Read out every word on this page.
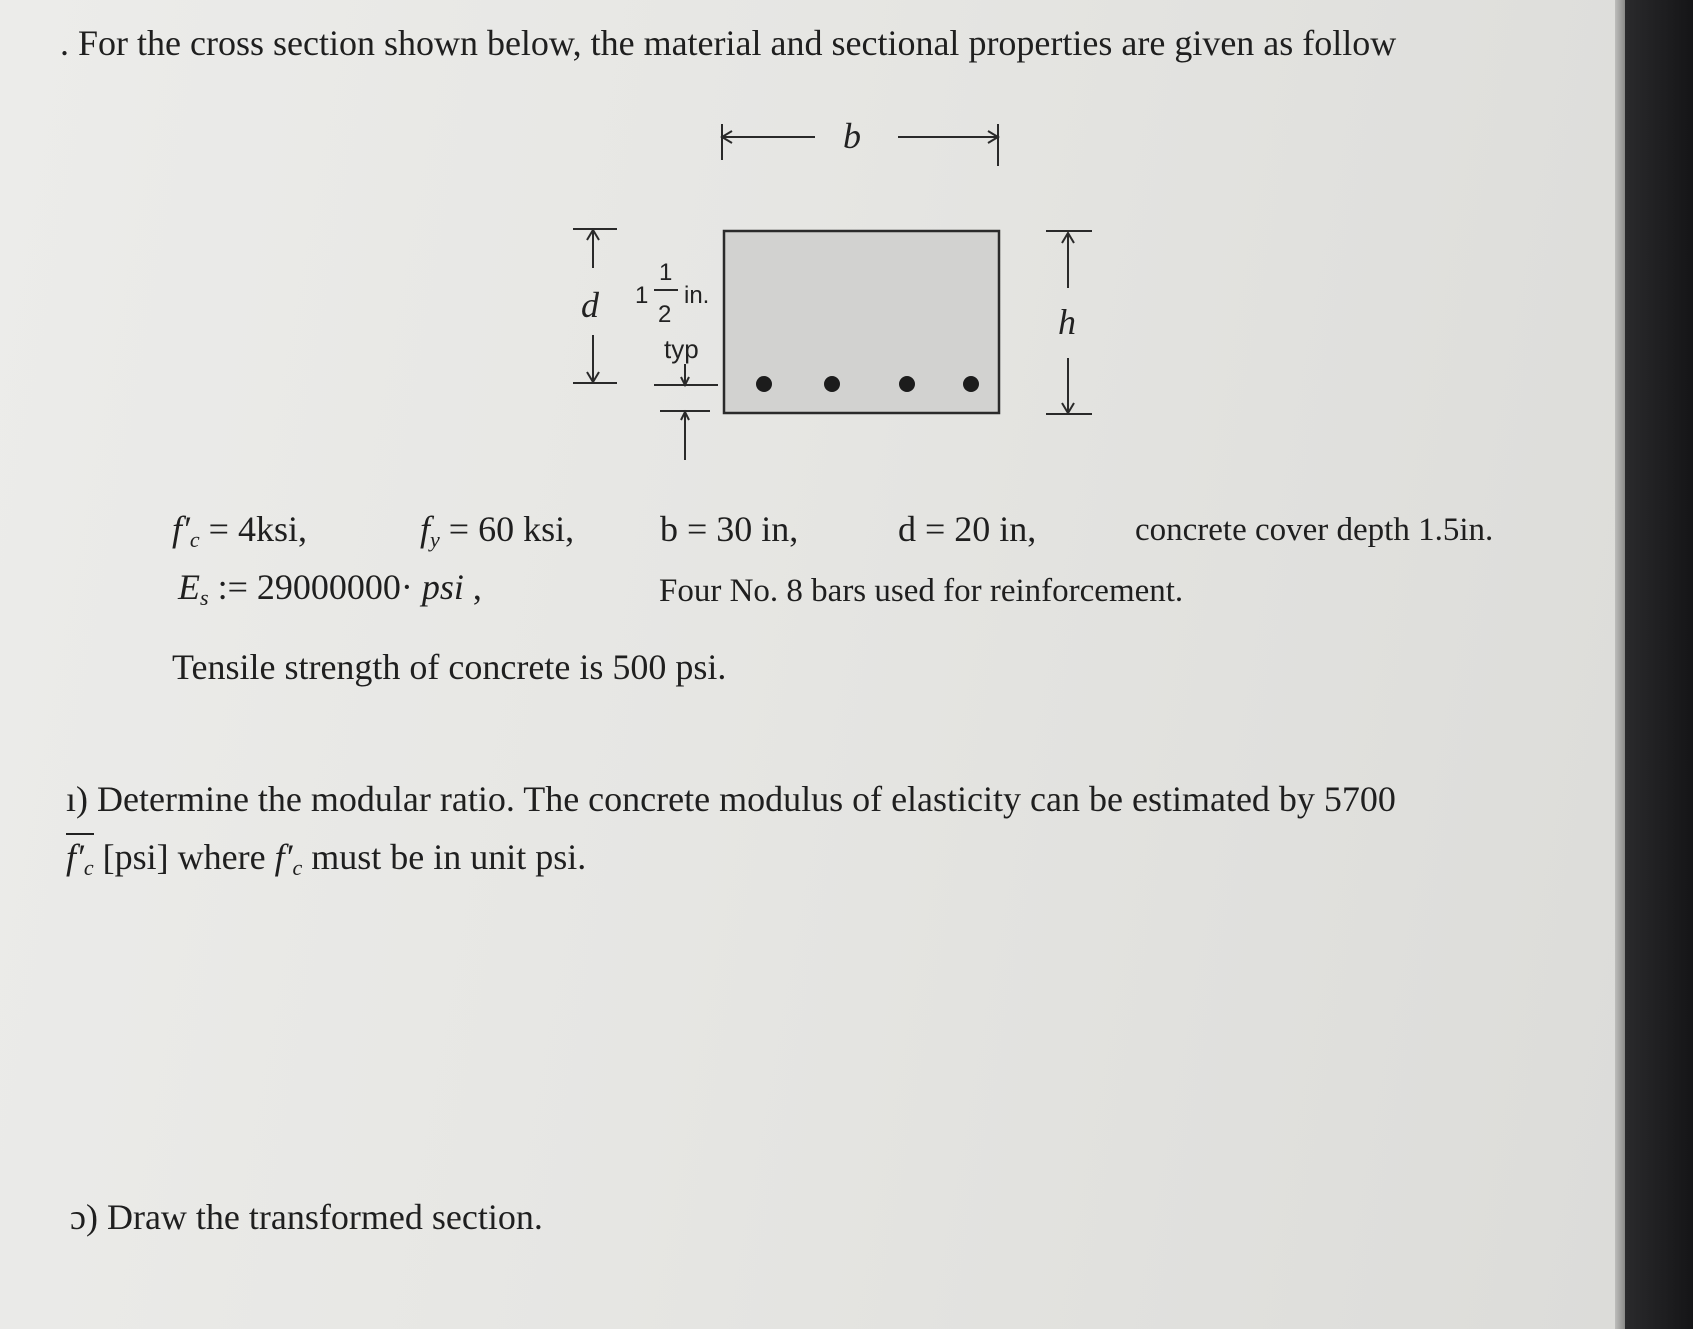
. For the cross section shown below, the material and sectional properties are given as follow
b
d	h
1
1
2
in.
typ
$f'_c = 4ksi$,	$f_y = 60$ ksi, b = 30 in,	d = 20 in,	concrete cover depth 1.5in.
$E_s$ := 29000000· psi ,	Four No. 8 bars used for reinforcement.
Tensile strength of concrete is 500 psi.
ı) Determine the modular ratio. The concrete modulus of elasticity can be estimated by 5700
$f'_c$ [psi] where $f'_c$ must be in unit psi.
ɔ) Draw the transformed section.
